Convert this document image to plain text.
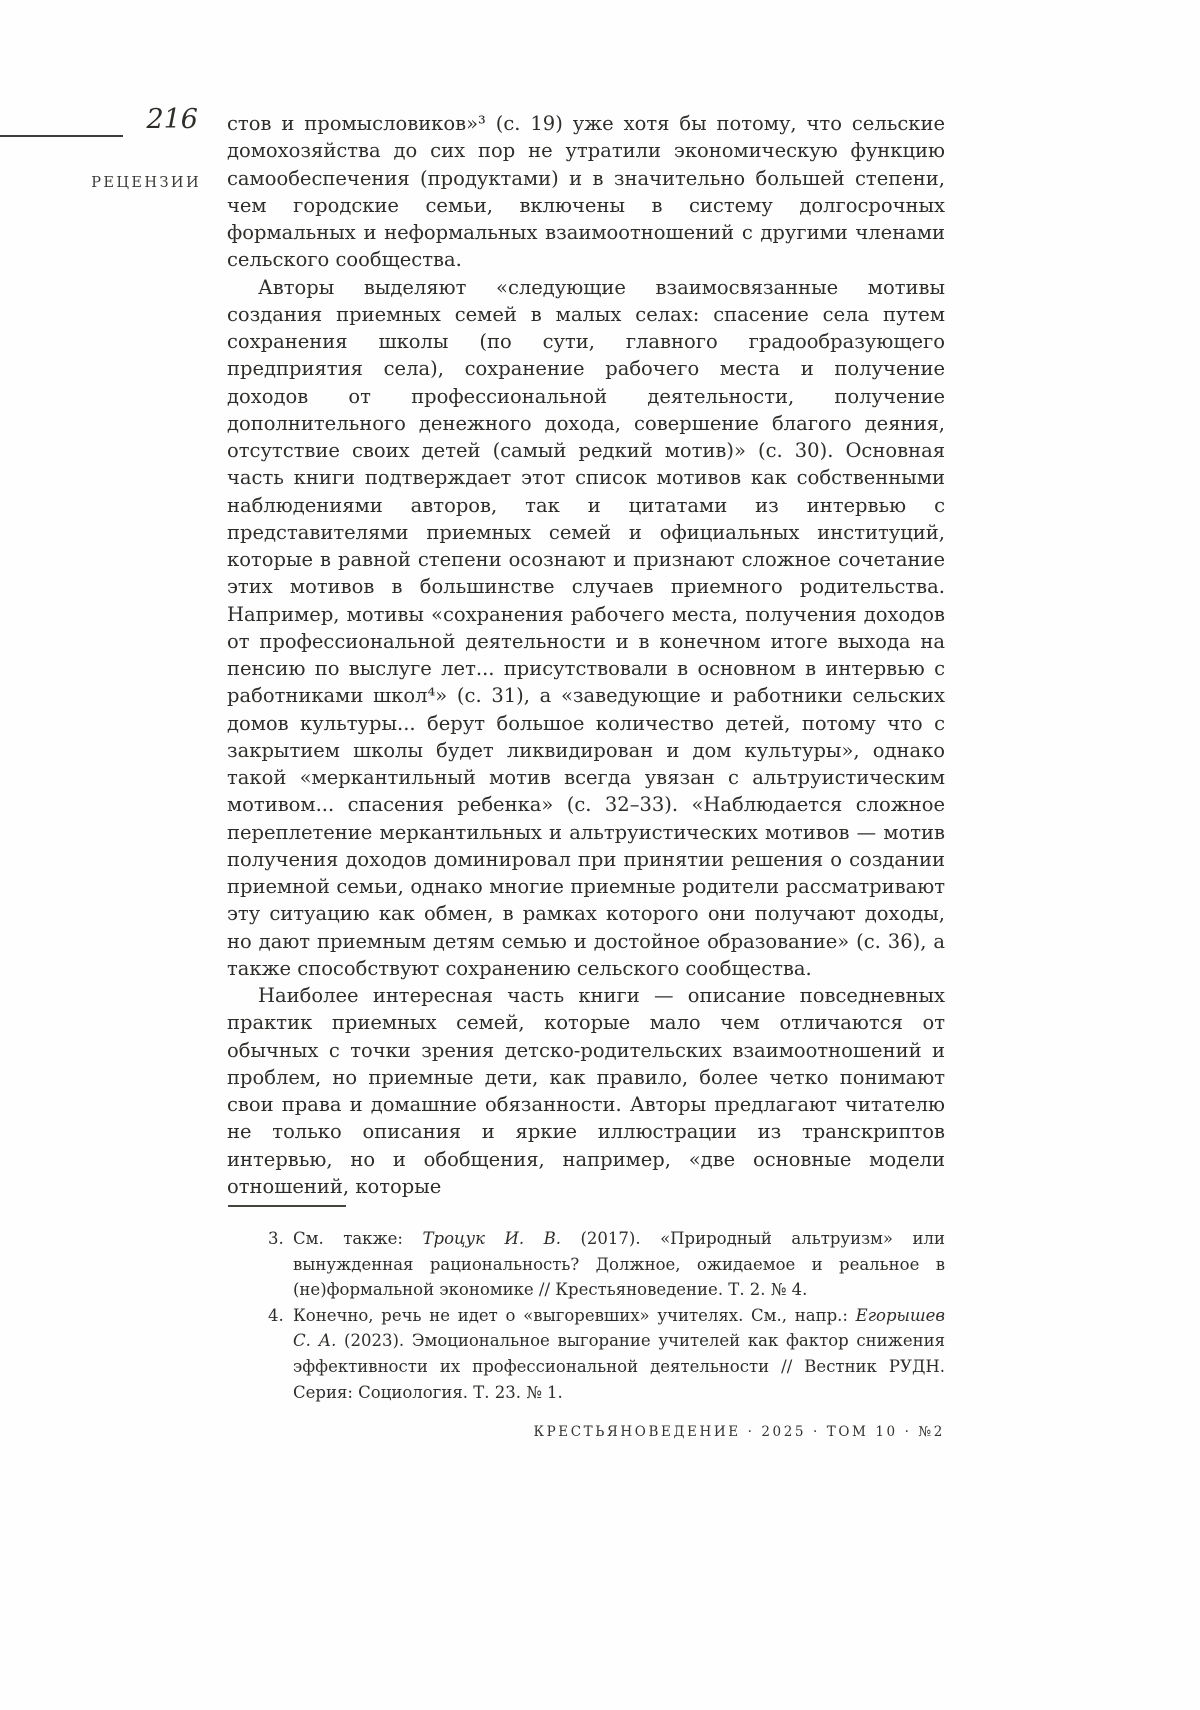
216
РЕЦЕНЗИИ

стов и промысловиков»³ (с. 19) уже хотя бы потому, что сельские домохозяйства до сих пор не утратили экономическую функцию самообеспечения (продуктами) и в значительно большей степени, чем городские семьи, включены в систему долгосрочных формальных и неформальных взаимоотношений с другими членами сельского сообщества.

Авторы выделяют «следующие взаимосвязанные мотивы создания приемных семей в малых селах: спасение села путем сохранения школы (по сути, главного градообразующего предприятия села), сохранение рабочего места и получение доходов от профессиональной деятельности, получение дополнительного денежного дохода, совершение благого деяния, отсутствие своих детей (самый редкий мотив)» (с. 30). Основная часть книги подтверждает этот список мотивов как собственными наблюдениями авторов, так и цитатами из интервью с представителями приемных семей и официальных институций, которые в равной степени осознают и признают сложное сочетание этих мотивов в большинстве случаев приемного родительства. Например, мотивы «сохранения рабочего места, получения доходов от профессиональной деятельности и в конечном итоге выхода на пенсию по выслуге лет... присутствовали в основном в интервью с работниками школ⁴» (с. 31), а «заведующие и работники сельских домов культуры... берут большое количество детей, потому что с закрытием школы будет ликвидирован и дом культуры», однако такой «меркантильный мотив всегда увязан с альтруистическим мотивом... спасения ребенка» (с. 32–33). «Наблюдается сложное переплетение меркантильных и альтруистических мотивов — мотив получения доходов доминировал при принятии решения о создании приемной семьи, однако многие приемные родители рассматривают эту ситуацию как обмен, в рамках которого они получают доходы, но дают приемным детям семью и достойное образование» (с. 36), а также способствуют сохранению сельского сообщества.

Наиболее интересная часть книги — описание повседневных практик приемных семей, которые мало чем отличаются от обычных с точки зрения детско-родительских взаимоотношений и проблем, но приемные дети, как правило, более четко понимают свои права и домашние обязанности. Авторы предлагают читателю не только описания и яркие иллюстрации из транскриптов интервью, но и обобщения, например, «две основные модели отношений, которые

3. См. также: Троцук И. В. (2017). «Природный альтруизм» или вынужденная рациональность? Должное, ожидаемое и реальное в (не)формальной экономике // Крестьяноведение. Т. 2. № 4.
4. Конечно, речь не идет о «выгоревших» учителях. См., напр.: Егорышев С. А. (2023). Эмоциональное выгорание учителей как фактор снижения эффективности их профессиональной деятельности // Вестник РУДН. Серия: Социология. Т. 23. № 1.
КРЕСТЬЯНОВЕДЕНИЕ · 2025 · ТОМ 10 · №2
